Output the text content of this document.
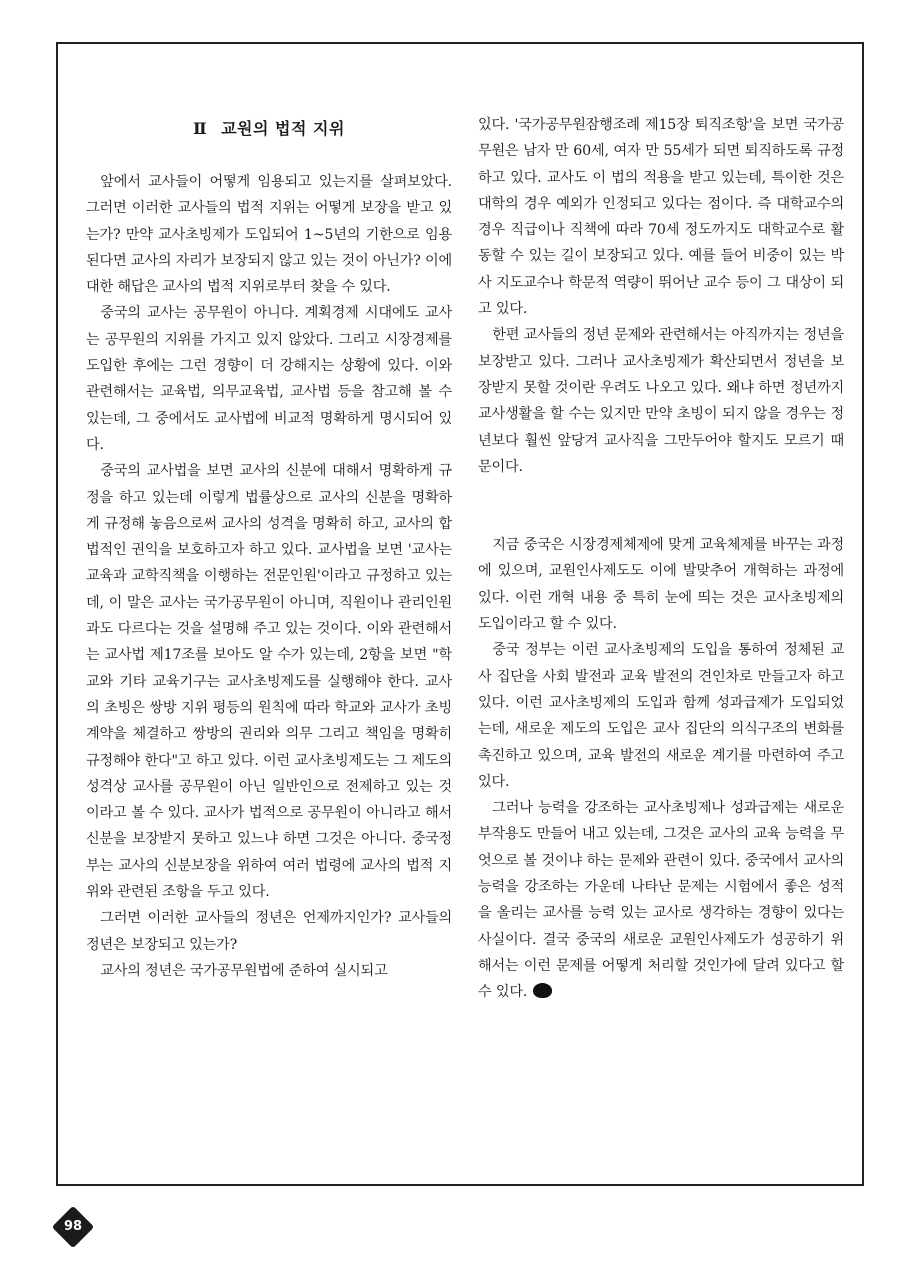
Ⅱ 교원의 법적 지위

앞에서 교사들이 어떻게 임용되고 있는지를 살펴보았다. 그러면 이러한 교사들의 법적 지위는 어떻게 보장을 받고 있는가? 만약 교사초빙제가 도입되어 1~5년의 기한으로 임용된다면 교사의 자리가 보장되지 않고 있는 것이 아닌가? 이에 대한 해답은 교사의 법적 지위로부터 찾을 수 있다.

중국의 교사는 공무원이 아니다. 계획경제 시대에도 교사는 공무원의 지위를 가지고 있지 않았다. 그리고 시장경제를 도입한 후에는 그런 경향이 더 강해지는 상황에 있다. 이와 관련해서는 교육법, 의무교육법, 교사법 등을 참고해 볼 수 있는데, 그 중에서도 교사법에 비교적 명확하게 명시되어 있다.

중국의 교사법을 보면 교사의 신분에 대해서 명확하게 규정을 하고 있는데 이렇게 법률상으로 교사의 신분을 명확하게 규정해 놓음으로써 교사의 성격을 명확히 하고, 교사의 합법적인 권익을 보호하고자 하고 있다. 교사법을 보면 '교사는 교육과 교학직책을 이행하는 전문인원'이라고 규정하고 있는데, 이 말은 교사는 국가공무원이 아니며, 직원이나 관리인원과도 다르다는 것을 설명해 주고 있는 것이다. 이와 관련해서는 교사법 제17조를 보아도 알 수가 있는데, 2항을 보면 "학교와 기타 교육기구는 교사초빙제도를 실행해야 한다. 교사의 초빙은 쌍방 지위 평등의 원칙에 따라 학교와 교사가 초빙 계약을 체결하고 쌍방의 권리와 의무 그리고 책임을 명확히 규정해야 한다"고 하고 있다. 이런 교사초빙제도는 그 제도의 성격상 교사를 공무원이 아닌 일반인으로 전제하고 있는 것이라고 볼 수 있다. 교사가 법적으로 공무원이 아니라고 해서 신분을 보장받지 못하고 있느냐 하면 그것은 아니다. 중국정부는 교사의 신분보장을 위하여 여러 법령에 교사의 법적 지위와 관련된 조항을 두고 있다.

그러면 이러한 교사들의 정년은 언제까지인가? 교사들의 정년은 보장되고 있는가?

교사의 정년은 국가공무원법에 준하여 실시되고

있다. '국가공무원잠행조례 제15장 퇴직조항'을 보면 국가공무원은 남자 만 60세, 여자 만 55세가 되면 퇴직하도록 규정하고 있다. 교사도 이 법의 적용을 받고 있는데, 특이한 것은 대학의 경우 예외가 인정되고 있다는 점이다. 즉 대학교수의 경우 직급이나 직책에 따라 70세 정도까지도 대학교수로 활동할 수 있는 길이 보장되고 있다. 예를 들어 비중이 있는 박사 지도교수나 학문적 역량이 뛰어난 교수 등이 그 대상이 되고 있다.

한편 교사들의 정년 문제와 관련해서는 아직까지는 정년을 보장받고 있다. 그러나 교사초빙제가 확산되면서 정년을 보장받지 못할 것이란 우려도 나오고 있다. 왜냐 하면 정년까지 교사생활을 할 수는 있지만 만약 초빙이 되지 않을 경우는 정년보다 훨씬 앞당겨 교사직을 그만두어야 할지도 모르기 때문이다.

지금 중국은 시장경제체제에 맞게 교육체제를 바꾸는 과정에 있으며, 교원인사제도도 이에 발맞추어 개혁하는 과정에 있다. 이런 개혁 내용 중 특히 눈에 띄는 것은 교사초빙제의 도입이라고 할 수 있다.

중국 정부는 이런 교사초빙제의 도입을 통하여 정체된 교사 집단을 사회 발전과 교육 발전의 견인차로 만들고자 하고 있다. 이런 교사초빙제의 도입과 함께 성과급제가 도입되었는데, 새로운 제도의 도입은 교사 집단의 의식구조의 변화를 촉진하고 있으며, 교육 발전의 새로운 계기를 마련하여 주고 있다.

그러나 능력을 강조하는 교사초빙제나 성과급제는 새로운 부작용도 만들어 내고 있는데, 그것은 교사의 교육 능력을 무엇으로 볼 것이냐 하는 문제와 관련이 있다. 중국에서 교사의 능력을 강조하는 가운데 나타난 문제는 시험에서 좋은 성적을 올리는 교사를 능력 있는 교사로 생각하는 경향이 있다는 사실이다. 결국 중국의 새로운 교원인사제도가 성공하기 위해서는 이런 문제를 어떻게 처리할 것인가에 달려 있다고 할 수 있다.MED

98
